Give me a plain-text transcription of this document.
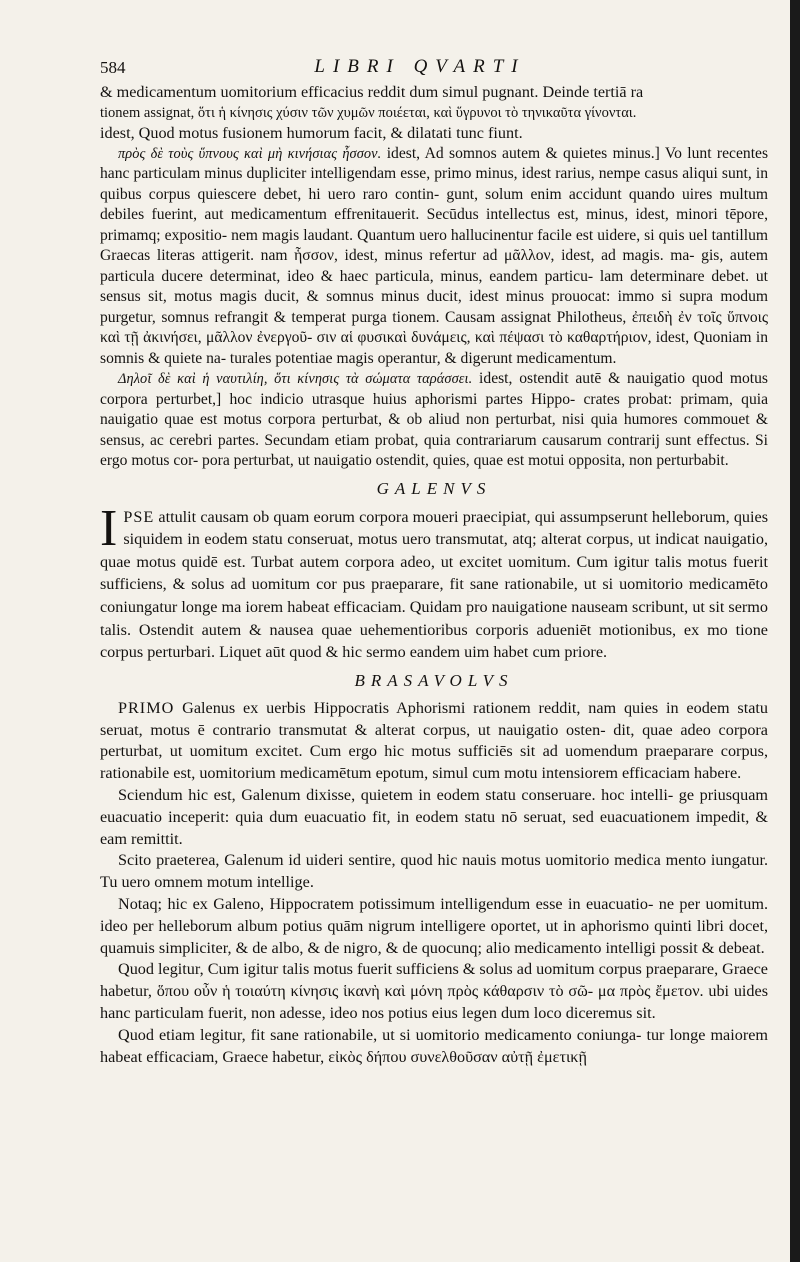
584	LIBRI QVARTI

& medicamentum uomitorium efficacius reddit dum simul pugnant. Deinde tertiā ra

tionem assignat, ὅτι ἡ κίνησις χύσιν τῶν χυμῶν ποιέεται, καὶ ὕγρυνοι τὸ τηνικαῦτα γίνονται.

idest, Quod motus fusionem humorum facit, & dilatati tunc fiunt.

πρὸς δὲ τοὺς ὕπνους καὶ μὴ κινήσιας ἧσσον. idest, Ad somnos autem & quietes minus.] Vo lunt recentes hanc particulam minus dupliciter intelligendam esse, primo minus, idest rarius, nempe casus aliqui sunt, in quibus corpus quiescere debet, hi uero raro contin- gunt, solum enim accidunt quando uires multum debiles fuerint, aut medicamentum effrenitauerit. Secūdus intellectus est, minus, idest, minori tēpore, primamq; expositio- nem magis laudant. Quantum uero hallucinentur facile est uidere, si quis uel tantillum Graecas literas attigerit. nam ἧσσον, idest, minus refertur ad μᾶλλον, idest, ad magis. ma- gis, autem particula ducere determinat, ideo & haec particula, minus, eandem particu- lam determinare debet. ut sensus sit, motus magis ducit, & somnus minus ducit, idest minus prouocat: immo si supra modum purgetur, somnus refrangit & temperat purga tionem. Causam assignat Philotheus, ἐπειδὴ ἐν τοῖς ὕπνοις καὶ τῇ ἀκινήσει, μᾶλλον ἐνεργοῦ- σιν αἱ φυσικαὶ δυνάμεις, καὶ πέψασι τὸ καθαρτήριον, idest, Quoniam in somnis & quiete na- turales potentiae magis operantur, & digerunt medicamentum.

Δηλοῖ δὲ καὶ ἡ ναυτιλίη, ὅτι κίνησις τὰ σώματα ταράσσει. idest, ostendit autē & nauigatio quod motus corpora perturbet,] hoc indicio utrasque huius aphorismi partes Hippo- crates probat: primam, quia nauigatio quae est motus corpora perturbat, & ob aliud non perturbat, nisi quia humores commouet & sensus, ac cerebri partes. Secundam etiam probat, quia contrariarum causarum contrarij sunt effectus. Si ergo motus cor- pora perturbat, ut nauigatio ostendit, quies, quae est motui opposita, non perturbabit.

GALENVS

IPSE attulit causam ob quam eorum corpora moueri praecipiat, qui assumpserunt helleborum, quies siquidem in eodem statu conseruat, motus uero transmutat, atq; alterat corpus, ut indicat nauigatio, quae motus quidē est. Turbat autem corpora adeo, ut excitet uomitum. Cum igitur talis motus fuerit sufficiens, & solus ad uomitum cor pus praeparare, fit sane rationabile, ut si uomitorio medicamēto coniungatur longe ma iorem habeat efficaciam. Quidam pro nauigatione nauseam scribunt, ut sit sermo talis. Ostendit autem & nausea quae uehementioribus corporis adueniēt motionibus, ex mo tione corpus perturbari. Liquet aūt quod & hic sermo eandem uim habet cum priore.

BRASAVOLVS

PRIMO Galenus ex uerbis Hippocratis Aphorismi rationem reddit, nam quies in eodem statu seruat, motus ē contrario transmutat & alterat corpus, ut nauigatio osten- dit, quae adeo corpora perturbat, ut uomitum excitet. Cum ergo hic motus sufficiēs sit ad uomendum praeparare corpus, rationabile est, uomitorium medicamētum epotum, simul cum motu intensiorem efficaciam habere.

Sciendum hic est, Galenum dixisse, quietem in eodem statu conseruare. hoc intelli- ge priusquam euacuatio inceperit: quia dum euacuatio fit, in eodem statu nō seruat, sed euacuationem impedit, & eam remittit.

Scito praeterea, Galenum id uideri sentire, quod hic nauis motus uomitorio medica mento iungatur. Tu uero omnem motum intellige.

Notaq; hic ex Galeno, Hippocratem potissimum intelligendum esse in euacuatio- ne per uomitum. ideo per helleborum album potius quām nigrum intelligere oportet, ut in aphorismo quinti libri docet, quamuis simpliciter, & de albo, & de nigro, & de quocunq; alio medicamento intelligi possit & debeat.

Quod legitur, Cum igitur talis motus fuerit sufficiens & solus ad uomitum corpus praeparare, Graece habetur, ὅπου οὖν ἡ τοιαύτη κίνησις ἱκανὴ καὶ μόνη πρὸς κάθαρσιν τὸ σῶ- μα πρὸς ἔμετον. ubi uides hanc particulam fuerit, non adesse, ideo nos potius eius legen dum loco diceremus sit.

Quod etiam legitur, fit sane rationabile, ut si uomitorio medicamento coniunga- tur longe maiorem habeat efficaciam, Graece habetur, εἰκὸς δήπου συνελθοῦσαν αὐτῇ ἐμετικῇ
